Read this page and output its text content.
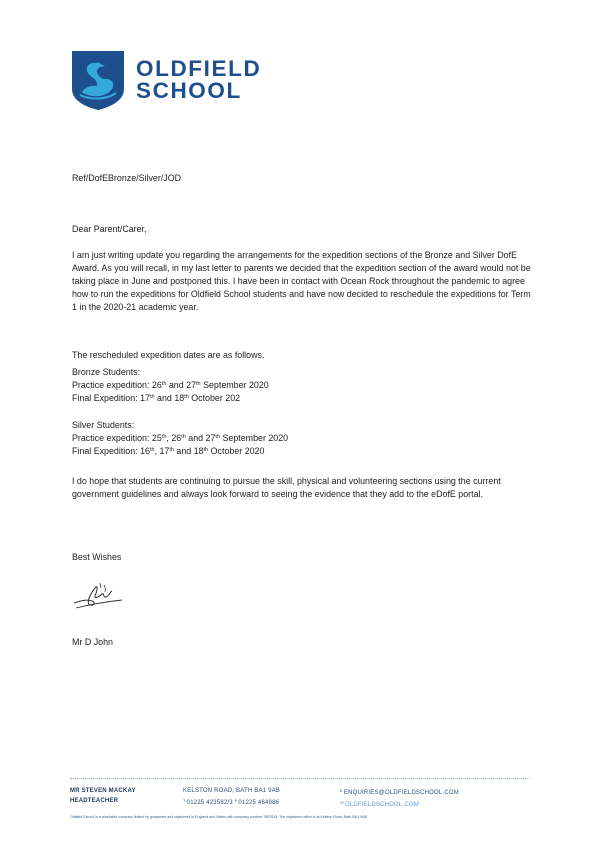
OLDFIELD
SCHOOL

Ref/DofEBronze/Silver/JOD

Dear Parent/Carer,

I am just writing update you regarding the arrangements for the expedition sections of the Bronze and Silver DofE Award. As you will recall, in my last letter to parents we decided that the expedition section of the award would not be taking place in June and postponed this. I have been in contact with Ocean Rock throughout the pandemic to agree how to run the expeditions for Oldfield School students and have now decided to reschedule the expeditions for Term 1 in the 2020-21 academic year.

The rescheduled expedition dates are as follows.

Bronze Students:

Practice expedition: 26th and 27th September 2020

Final Expedition: 17th and 18th October 202

Silver Students:

Practice expedition: 25th, 26th and 27th September 2020

Final Expedition: 16th, 17th and 18th October 2020

I do hope that students are continuing to pursue the skill, physical and volunteering sections using the current government guidelines and always look forward to seeing the evidence that they add to the eDofE portal.

Best Wishes

Mr D John

MR STEVEN MACKAY
HEADTEACHER
KELSTON ROAD, BATH BA1 9AB
$^T$01225 423582/3 $^F$01225 464986
$^E$ENQUIRIES@OLDFIELDSCHOOL.COM
$^W$OLDFIELDSCHOOL.COM
Oldfield School is a charitable company limited by guarantee and registered in England and Wales with company number 7902515. The registered office is at Kelston Road, Bath BA1 9AB
